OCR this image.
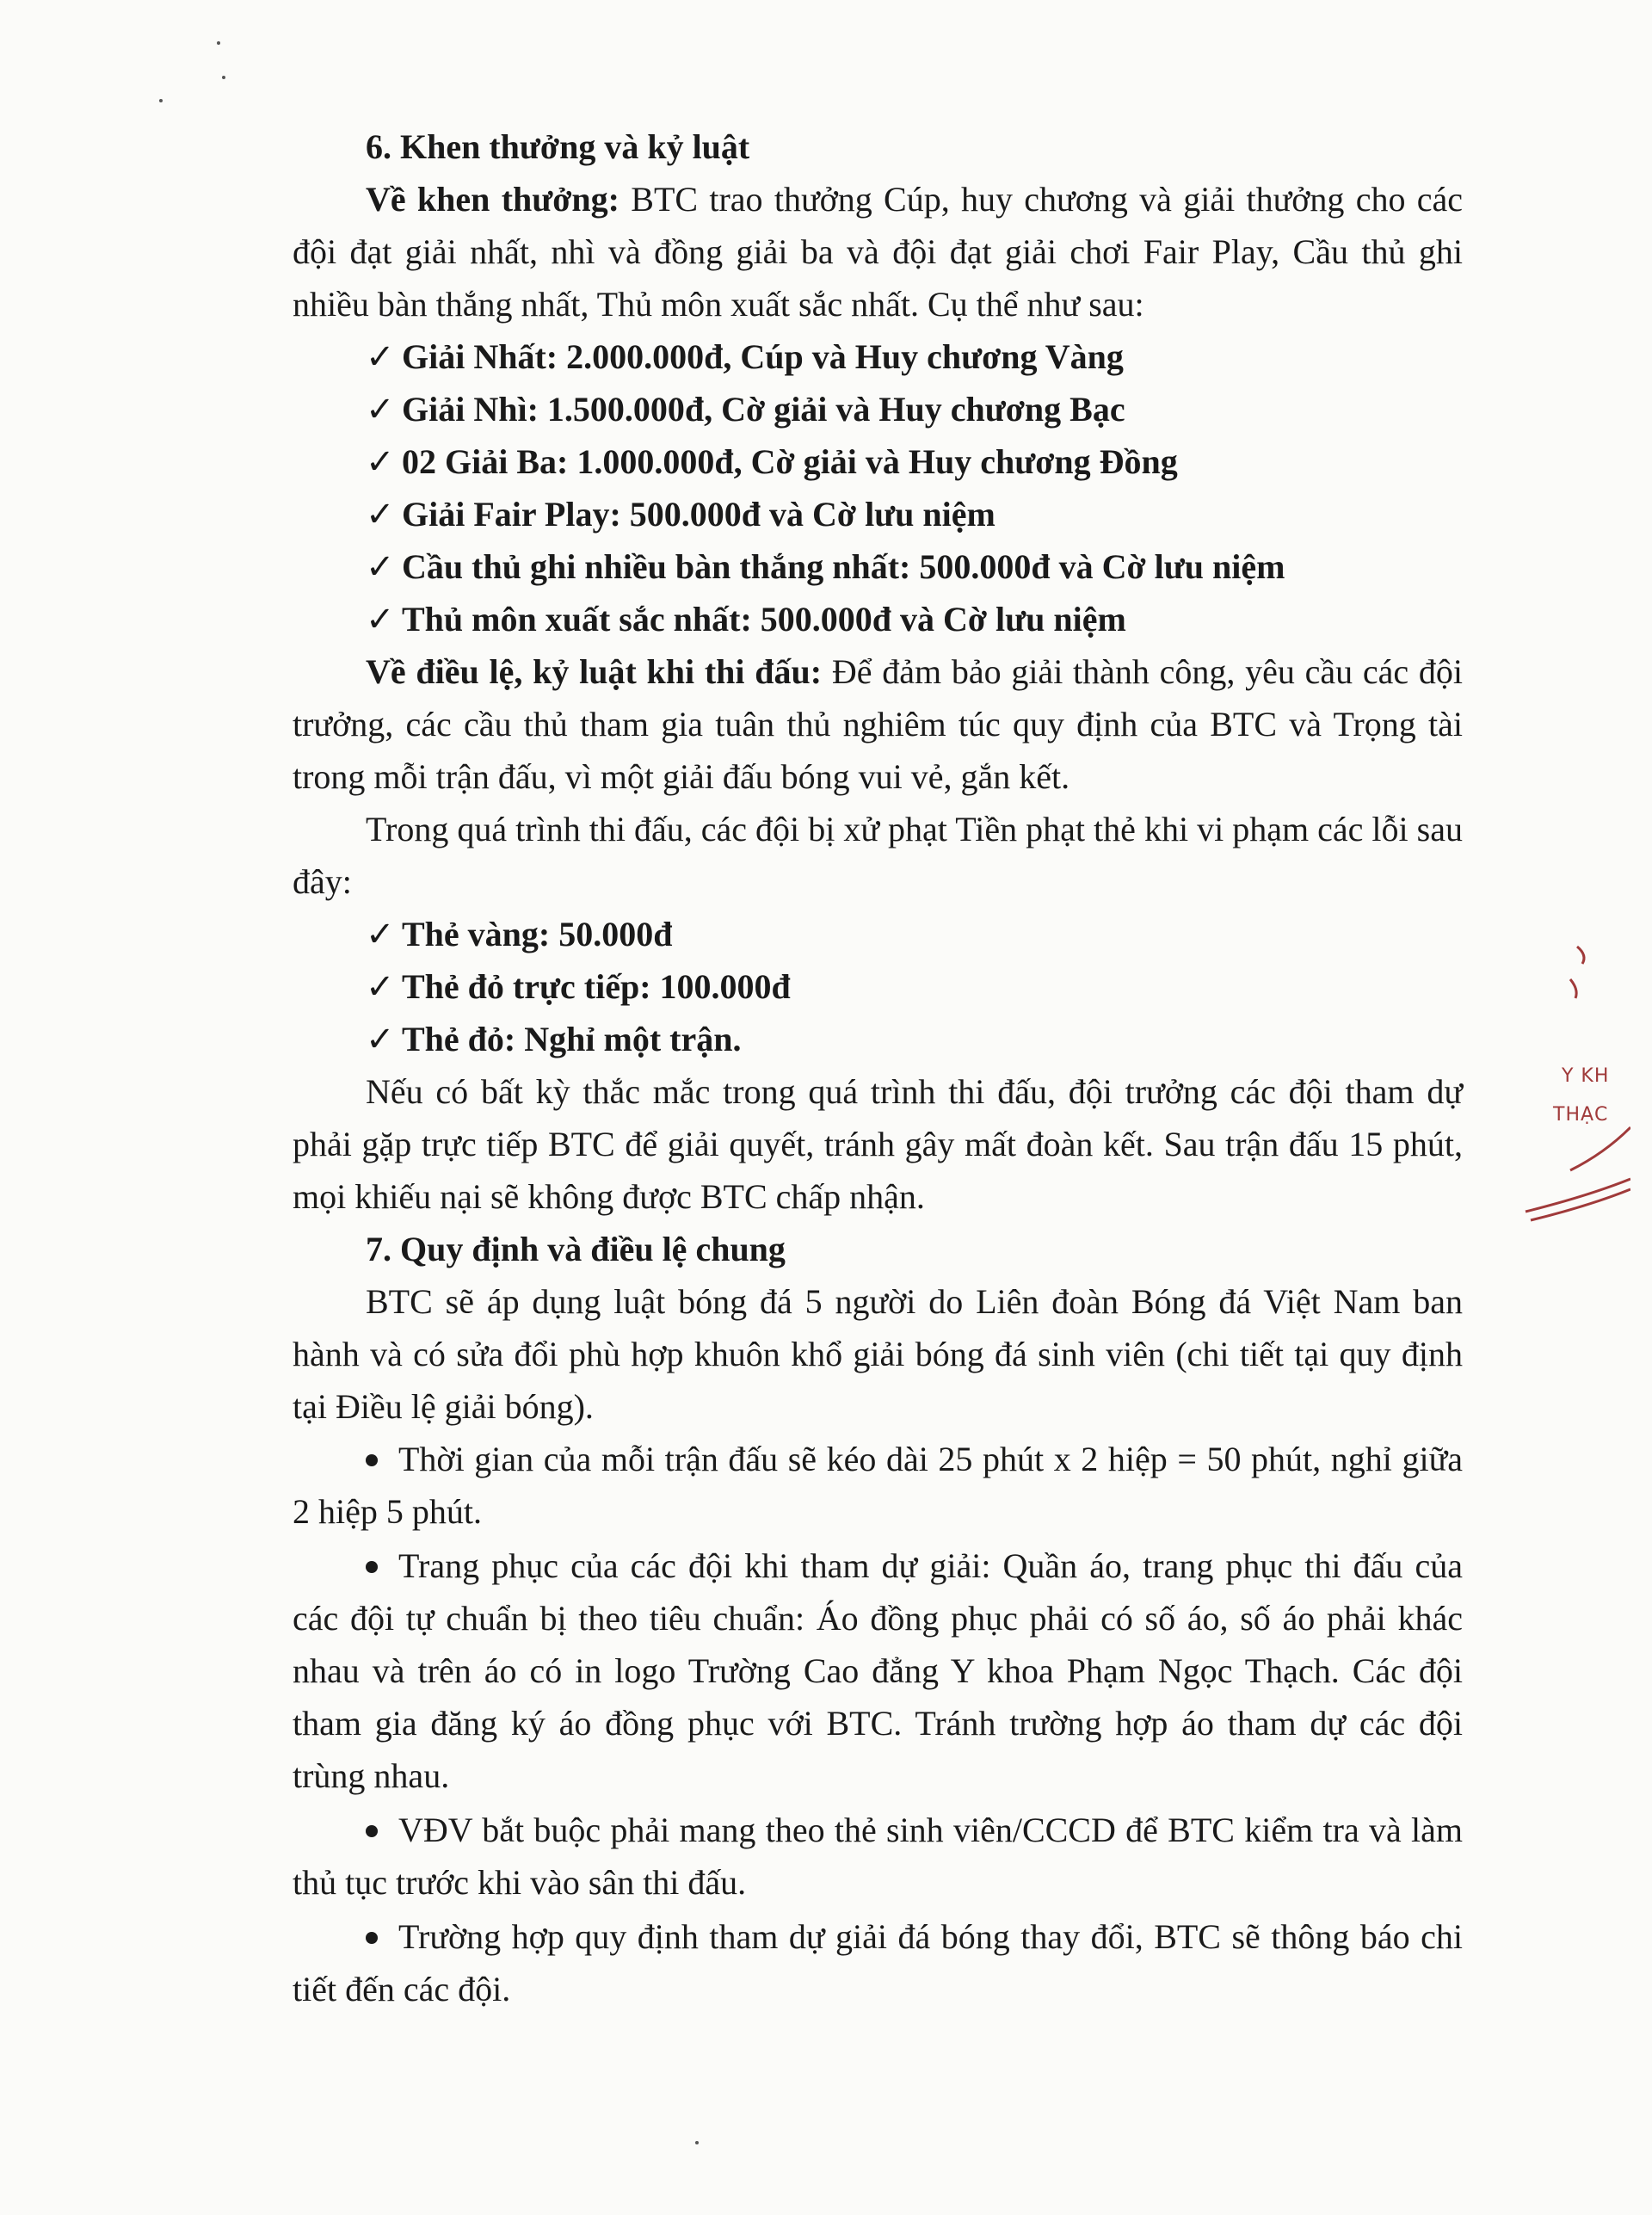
6. Khen thưởng và kỷ luật

Về khen thưởng: BTC trao thưởng Cúp, huy chương và giải thưởng cho các đội đạt giải nhất, nhì và đồng giải ba và đội đạt giải chơi Fair Play, Cầu thủ ghi nhiều bàn thắng nhất, Thủ môn xuất sắc nhất. Cụ thể như sau:

✓ Giải Nhất: 2.000.000đ, Cúp và Huy chương Vàng
✓ Giải Nhì: 1.500.000đ, Cờ giải và Huy chương Bạc
✓ 02 Giải Ba: 1.000.000đ, Cờ giải và Huy chương Đồng
✓ Giải Fair Play: 500.000đ và Cờ lưu niệm
✓ Cầu thủ ghi nhiều bàn thắng nhất: 500.000đ và Cờ lưu niệm
✓ Thủ môn xuất sắc nhất: 500.000đ và Cờ lưu niệm

Về điều lệ, kỷ luật khi thi đấu: Để đảm bảo giải thành công, yêu cầu các đội trưởng, các cầu thủ tham gia tuân thủ nghiêm túc quy định của BTC và Trọng tài trong mỗi trận đấu, vì một giải đấu bóng vui vẻ, gắn kết.

Trong quá trình thi đấu, các đội bị xử phạt Tiền phạt thẻ khi vi phạm các lỗi sau đây:

✓ Thẻ vàng: 50.000đ
✓ Thẻ đỏ trực tiếp: 100.000đ
✓ Thẻ đỏ: Nghỉ một trận.

Nếu có bất kỳ thắc mắc trong quá trình thi đấu, đội trưởng các đội tham dự phải gặp trực tiếp BTC để giải quyết, tránh gây mất đoàn kết. Sau trận đấu 15 phút, mọi khiếu nại sẽ không được BTC chấp nhận.

7. Quy định và điều lệ chung

BTC sẽ áp dụng luật bóng đá 5 người do Liên đoàn Bóng đá Việt Nam ban hành và có sửa đổi phù hợp khuôn khổ giải bóng đá sinh viên (chi tiết tại quy định tại Điều lệ giải bóng).

Thời gian của mỗi trận đấu sẽ kéo dài 25 phút x 2 hiệp = 50 phút, nghỉ giữa 2 hiệp 5 phút.

Trang phục của các đội khi tham dự giải: Quần áo, trang phục thi đấu của các đội tự chuẩn bị theo tiêu chuẩn: Áo đồng phục phải có số áo, số áo phải khác nhau và trên áo có in logo Trường Cao đẳng Y khoa Phạm Ngọc Thạch. Các đội tham gia đăng ký áo đồng phục với BTC. Tránh trường hợp áo tham dự các đội trùng nhau.

VĐV bắt buộc phải mang theo thẻ sinh viên/CCCD để BTC kiểm tra và làm thủ tục trước khi vào sân thi đấu.

Trường hợp quy định tham dự giải đá bóng thay đổi, BTC sẽ thông báo chi tiết đến các đội.

Y KH
THẠC
